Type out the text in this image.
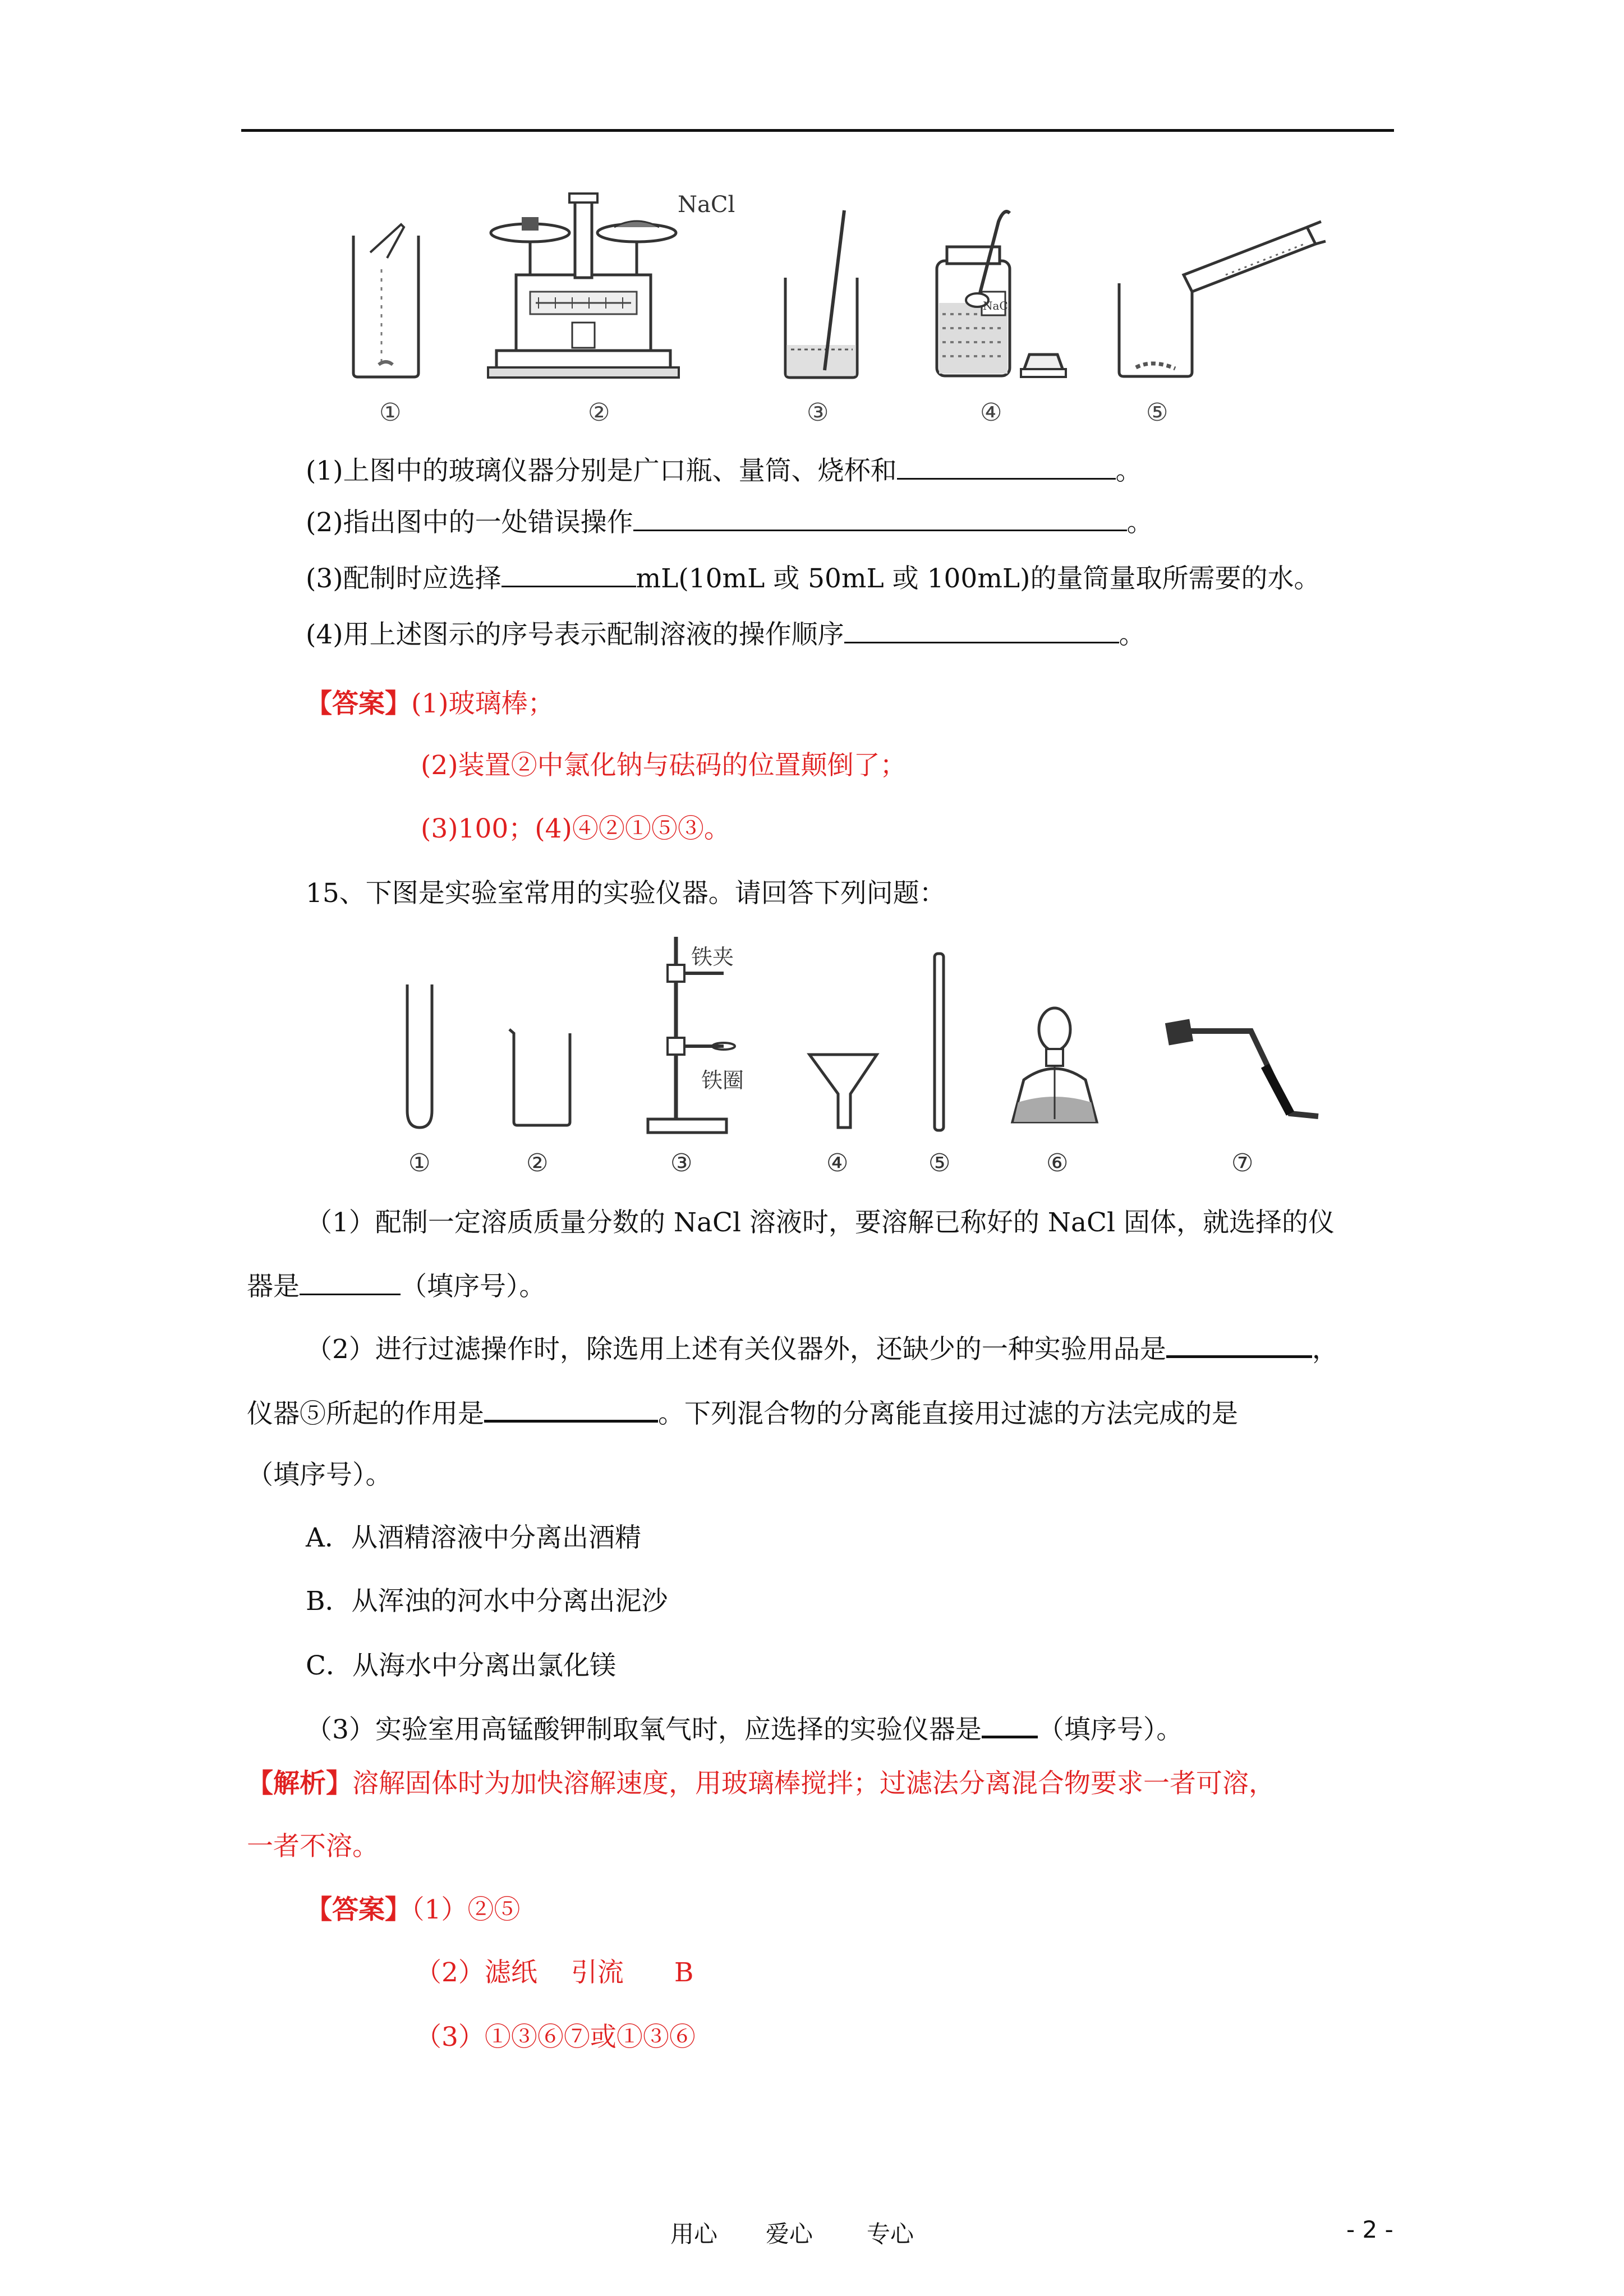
NaCl
NaCl
①	②	③	④	⑤
(1)上图中的玻璃仪器分别是广口瓶、量筒、烧杯和	。
(2)指出图中的一处错误操作	。
(3)配制时应选择	mL(10mL 或 50mL 或 100mL)的量筒量取所需要的水。
(4)用上述图示的序号表示配制溶液的操作顺序	。
【答案】(1)玻璃棒；
(2)装置②中氯化钠与砝码的位置颠倒了；
(3)100；(4)④②①⑤③。
15、下图是实验室常用的实验仪器。请回答下列问题：
铁夹
铁圈
①	②	③	④	⑤	⑥	⑦
（1）配制一定溶质质量分数的 NaCl 溶液时，要溶解已称好的 NaCl 固体，就选择的仪
器是	（填序号）。
（2）进行过滤操作时，除选用上述有关仪器外，还缺少的一种实验用品是	，
仪器⑤所起的作用是	。下列混合物的分离能直接用过滤的方法完成的是
（填序号）。
A．从酒精溶液中分离出酒精
B．从浑浊的河水中分离出泥沙
C．从海水中分离出氯化镁
（3）实验室用高锰酸钾制取氧气时，应选择的实验仪器是 （填序号）。
【解析】溶解固体时为加快溶解速度，用玻璃棒搅拌；过滤法分离混合物要求一者可溶，
一者不溶。
【答案】（1）②⑤
（2）滤纸 引流 B
（3）①③⑥⑦或①③⑥
用心 爱心 专心	- 2 -
